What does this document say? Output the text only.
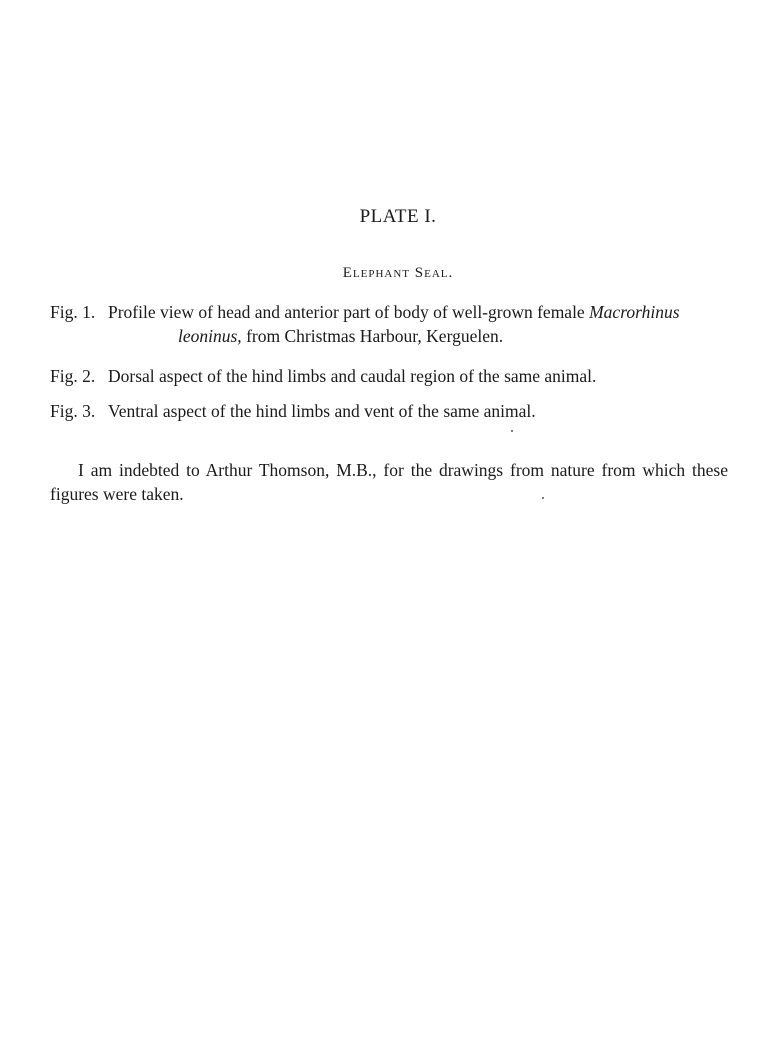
PLATE I.
Elephant Seal.
Fig. 1. Profile view of head and anterior part of body of well-grown female Macrorhinus
leoninus, from Christmas Harbour, Kerguelen.
Fig. 2. Dorsal aspect of the hind limbs and caudal region of the same animal.
Fig. 3. Ventral aspect of the hind limbs and vent of the same animal.
I am indebted to Arthur Thomson, M.B., for the drawings from nature from which these figures were taken.
